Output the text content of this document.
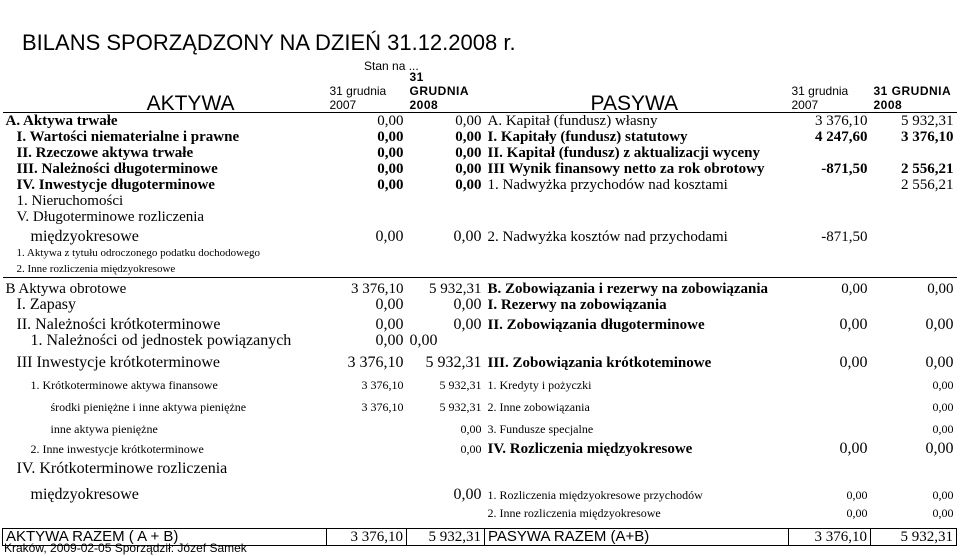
BILANS SPORZĄDZONY NA DZIEŃ 31.12.2008 r.
Stan na ...
AKTYWA	31 grudnia 2007	31 GRUDNIA 2008	PASYWA	31 grudnia 2007	31 GRUDNIA 2008
A. Aktywa trwałe	0,00	0,00	A. Kapitał (fundusz) własny	3 376,10	5 932,31
I. Wartości niematerialne i prawne	0,00	0,00	I. Kapitały (fundusz) statutowy	4 247,60	3 376,10
II. Rzeczowe aktywa trwałe	0,00	0,00	II. Kapitał (fundusz) z aktualizacji wyceny		
III. Należności długoterminowe	0,00	0,00	III Wynik finansowy netto za rok obrotowy	-871,50	2 556,21
IV. Inwestycje długoterminowe	0,00	0,00	1. Nadwyżka przychodów nad kosztami		2 556,21
1. Nieruchomości					
V. Długoterminowe rozliczenia					
międzyokresowe	0,00	0,00	2. Nadwyżka kosztów nad przychodami	-871,50	
1. Aktywa z tytułu odroczonego podatku dochodowego					
2. Inne rozliczenia międzyokresowe					
B Aktywa obrotowe	3 376,10	5 932,31	B. Zobowiązania i rezerwy na zobowiązania	0,00	0,00
I. Zapasy	0,00	0,00	I. Rezerwy na zobowiązania		
II. Należności krótkoterminowe	0,00	0,00	II. Zobowiązania długoterminowe	0,00	0,00
1. Należności od jednostek powiązanych	0,00	0,00			
III Inwestycje krótkoterminowe	3 376,10	5 932,31	III. Zobowiązania krótkoteminowe	0,00	0,00
1. Krótkoterminowe aktywa finansowe	3 376,10	5 932,31	1. Kredyty i pożyczki		0,00
środki pieniężne i inne aktywa pieniężne	3 376,10	5 932,31	2. Inne zobowiązania		0,00
inne aktywa pieniężne		0,00	3. Fundusze specjalne		0,00
2. Inne inwestycje krótkoterminowe		0,00	IV. Rozliczenia międzyokresowe	0,00	0,00
IV. Krótkoterminowe rozliczenia					
międzyokresowe		0,00	1. Rozliczenia międzyokresowe przychodów	0,00	0,00
			2. Inne rozliczenia międzyokresowe	0,00	0,00

AKTYWA RAZEM ( A + B)	3 376,10	5 932,31	PASYWA RAZEM (A+B)	3 376,10	5 932,31
Kraków, 2009-02-05 Sporządził: Józef Samek
